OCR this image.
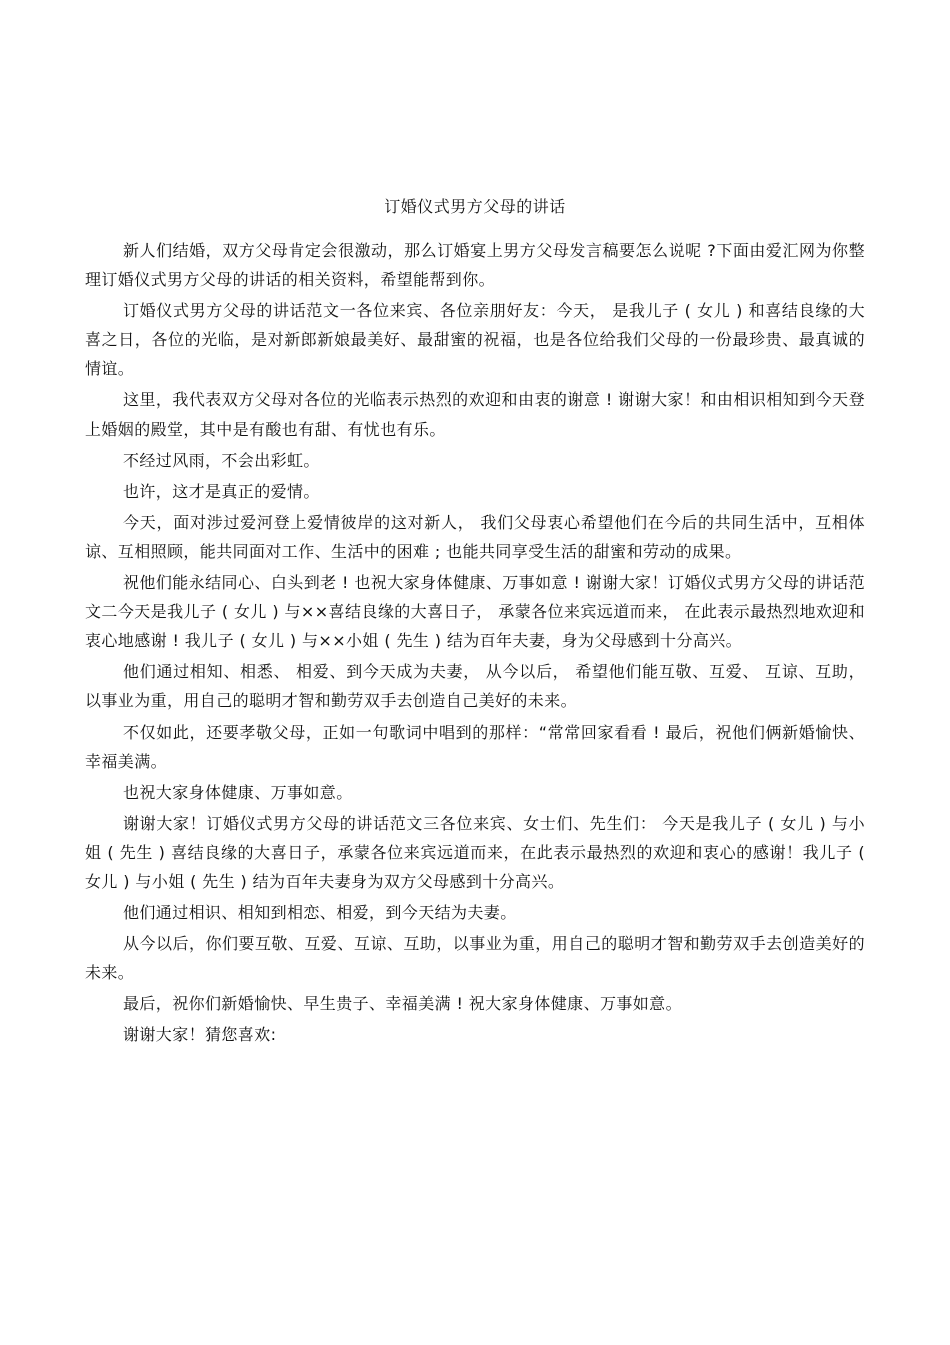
订婚仪式男方父母的讲话

新人们结婚，双方父母肯定会很激动，那么订婚宴上男方父母发言稿要怎么说呢 ?下面由爱汇网为你整理订婚仪式男方父母的讲话的相关资料，希望能帮到你。

订婚仪式男方父母的讲话范文一各位来宾、各位亲朋好友：今天， 是我儿子 ( 女儿 ) 和喜结良缘的大喜之日，各位的光临，是对新郎新娘最美好、最甜蜜的祝福，也是各位给我们父母的一份最珍贵、最真诚的情谊。

这里，我代表双方父母对各位的光临表示热烈的欢迎和由衷的谢意 ! 谢谢大家！和由相识相知到今天登上婚姻的殿堂，其中是有酸也有甜、有忧也有乐。

不经过风雨，不会出彩虹。

也许，这才是真正的爱情。

今天，面对涉过爱河登上爱情彼岸的这对新人， 我们父母衷心希望他们在今后的共同生活中，互相体谅、互相照顾，能共同面对工作、生活中的困难 ; 也能共同享受生活的甜蜜和劳动的成果。

祝他们能永结同心、白头到老 ! 也祝大家身体健康、万事如意 ! 谢谢大家！订婚仪式男方父母的讲话范文二今天是我儿子 ( 女儿 ) 与××喜结良缘的大喜日子， 承蒙各位来宾远道而来， 在此表示最热烈地欢迎和衷心地感谢 ! 我儿子 ( 女儿 ) 与××小姐 ( 先生 ) 结为百年夫妻，身为父母感到十分高兴。

他们通过相知、相悉、 相爱、到今天成为夫妻， 从今以后， 希望他们能互敬、互爱、 互谅、互助，以事业为重，用自己的聪明才智和勤劳双手去创造自己美好的未来。

不仅如此，还要孝敬父母，正如一句歌词中唱到的那样：“常常回家看看 ! 最后，祝他们俩新婚愉快、幸福美满。

也祝大家身体健康、万事如意。

谢谢大家！订婚仪式男方父母的讲话范文三各位来宾、女士们、先生们： 今天是我儿子 ( 女儿 ) 与小姐 ( 先生 ) 喜结良缘的大喜日子，承蒙各位来宾远道而来，在此表示最热烈的欢迎和衷心的感谢！我儿子 ( 女儿 ) 与小姐 ( 先生 ) 结为百年夫妻身为双方父母感到十分高兴。

他们通过相识、相知到相恋、相爱，到今天结为夫妻。

从今以后，你们要互敬、互爱、互谅、互助，以事业为重，用自己的聪明才智和勤劳双手去创造美好的未来。

最后，祝你们新婚愉快、早生贵子、幸福美满 ! 祝大家身体健康、万事如意。

谢谢大家！猜您喜欢:
